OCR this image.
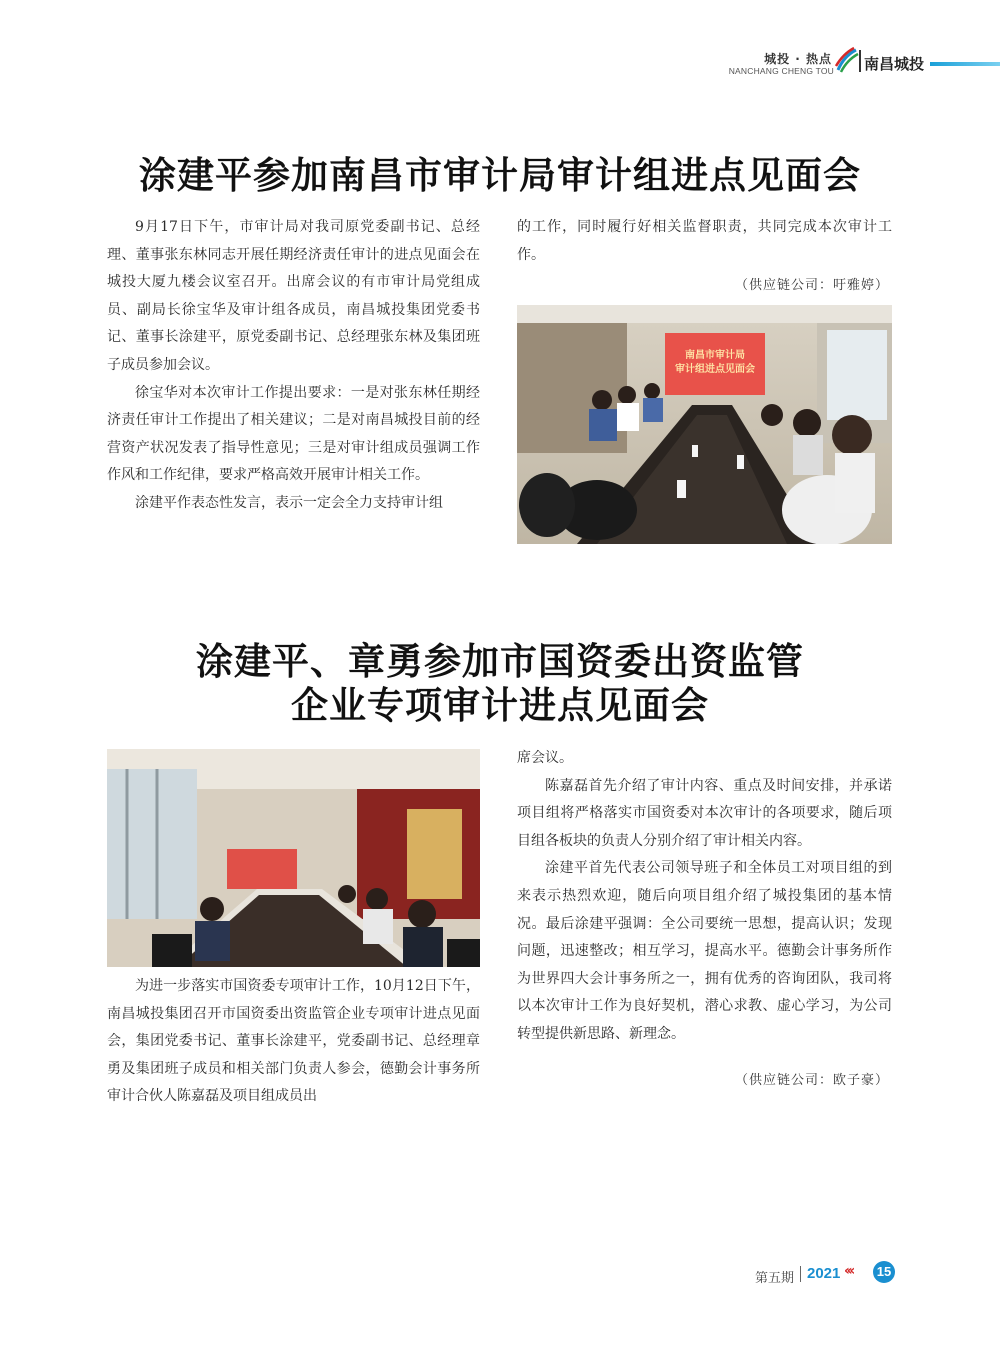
城投 · 热点
NANCHANG CHENG TOU 南昌城投
涂建平参加南昌市审计局审计组进点见面会

9月17日下午，市审计局对我司原党委副书记、总经理、董事张东林同志开展任期经济责任审计的进点见面会在城投大厦九楼会议室召开。出席会议的有市审计局党组成员、副局长徐宝华及审计组各成员，南昌城投集团党委书记、董事长涂建平，原党委副书记、总经理张东林及集团班子成员参加会议。

徐宝华对本次审计工作提出要求：一是对张东林任期经济责任审计工作提出了相关建议；二是对南昌城投目前的经营资产状况发表了指导性意见；三是对审计组成员强调工作作风和工作纪律，要求严格高效开展审计相关工作。

涂建平作表态性发言，表示一定会全力支持审计组

的工作，同时履行好相关监督职责，共同完成本次审计工作。

（供应链公司：吁雅婷）
南昌市审计局
审计组进点见面会
涂建平、章勇参加市国资委出资监管
企业专项审计进点见面会

为进一步落实市国资委专项审计工作，10月12日下午，南昌城投集团召开市国资委出资监管企业专项审计进点见面会，集团党委书记、董事长涂建平，党委副书记、总经理章勇及集团班子成员和相关部门负责人参会，德勤会计事务所审计合伙人陈嘉磊及项目组成员出

席会议。

陈嘉磊首先介绍了审计内容、重点及时间安排，并承诺项目组将严格落实市国资委对本次审计的各项要求，随后项目组各板块的负责人分别介绍了审计相关内容。

涂建平首先代表公司领导班子和全体员工对项目组的到来表示热烈欢迎，随后向项目组介绍了城投集团的基本情况。最后涂建平强调：全公司要统一思想，提高认识；发现问题，迅速整改；相互学习，提高水平。德勤会计事务所作为世界四大会计事务所之一，拥有优秀的咨询团队，我司将以本次审计工作为良好契机，潜心求教、虚心学习，为公司转型提供新思路、新理念。

（供应链公司：欧子豪）
第五期 2021 ‹‹‹ 15
